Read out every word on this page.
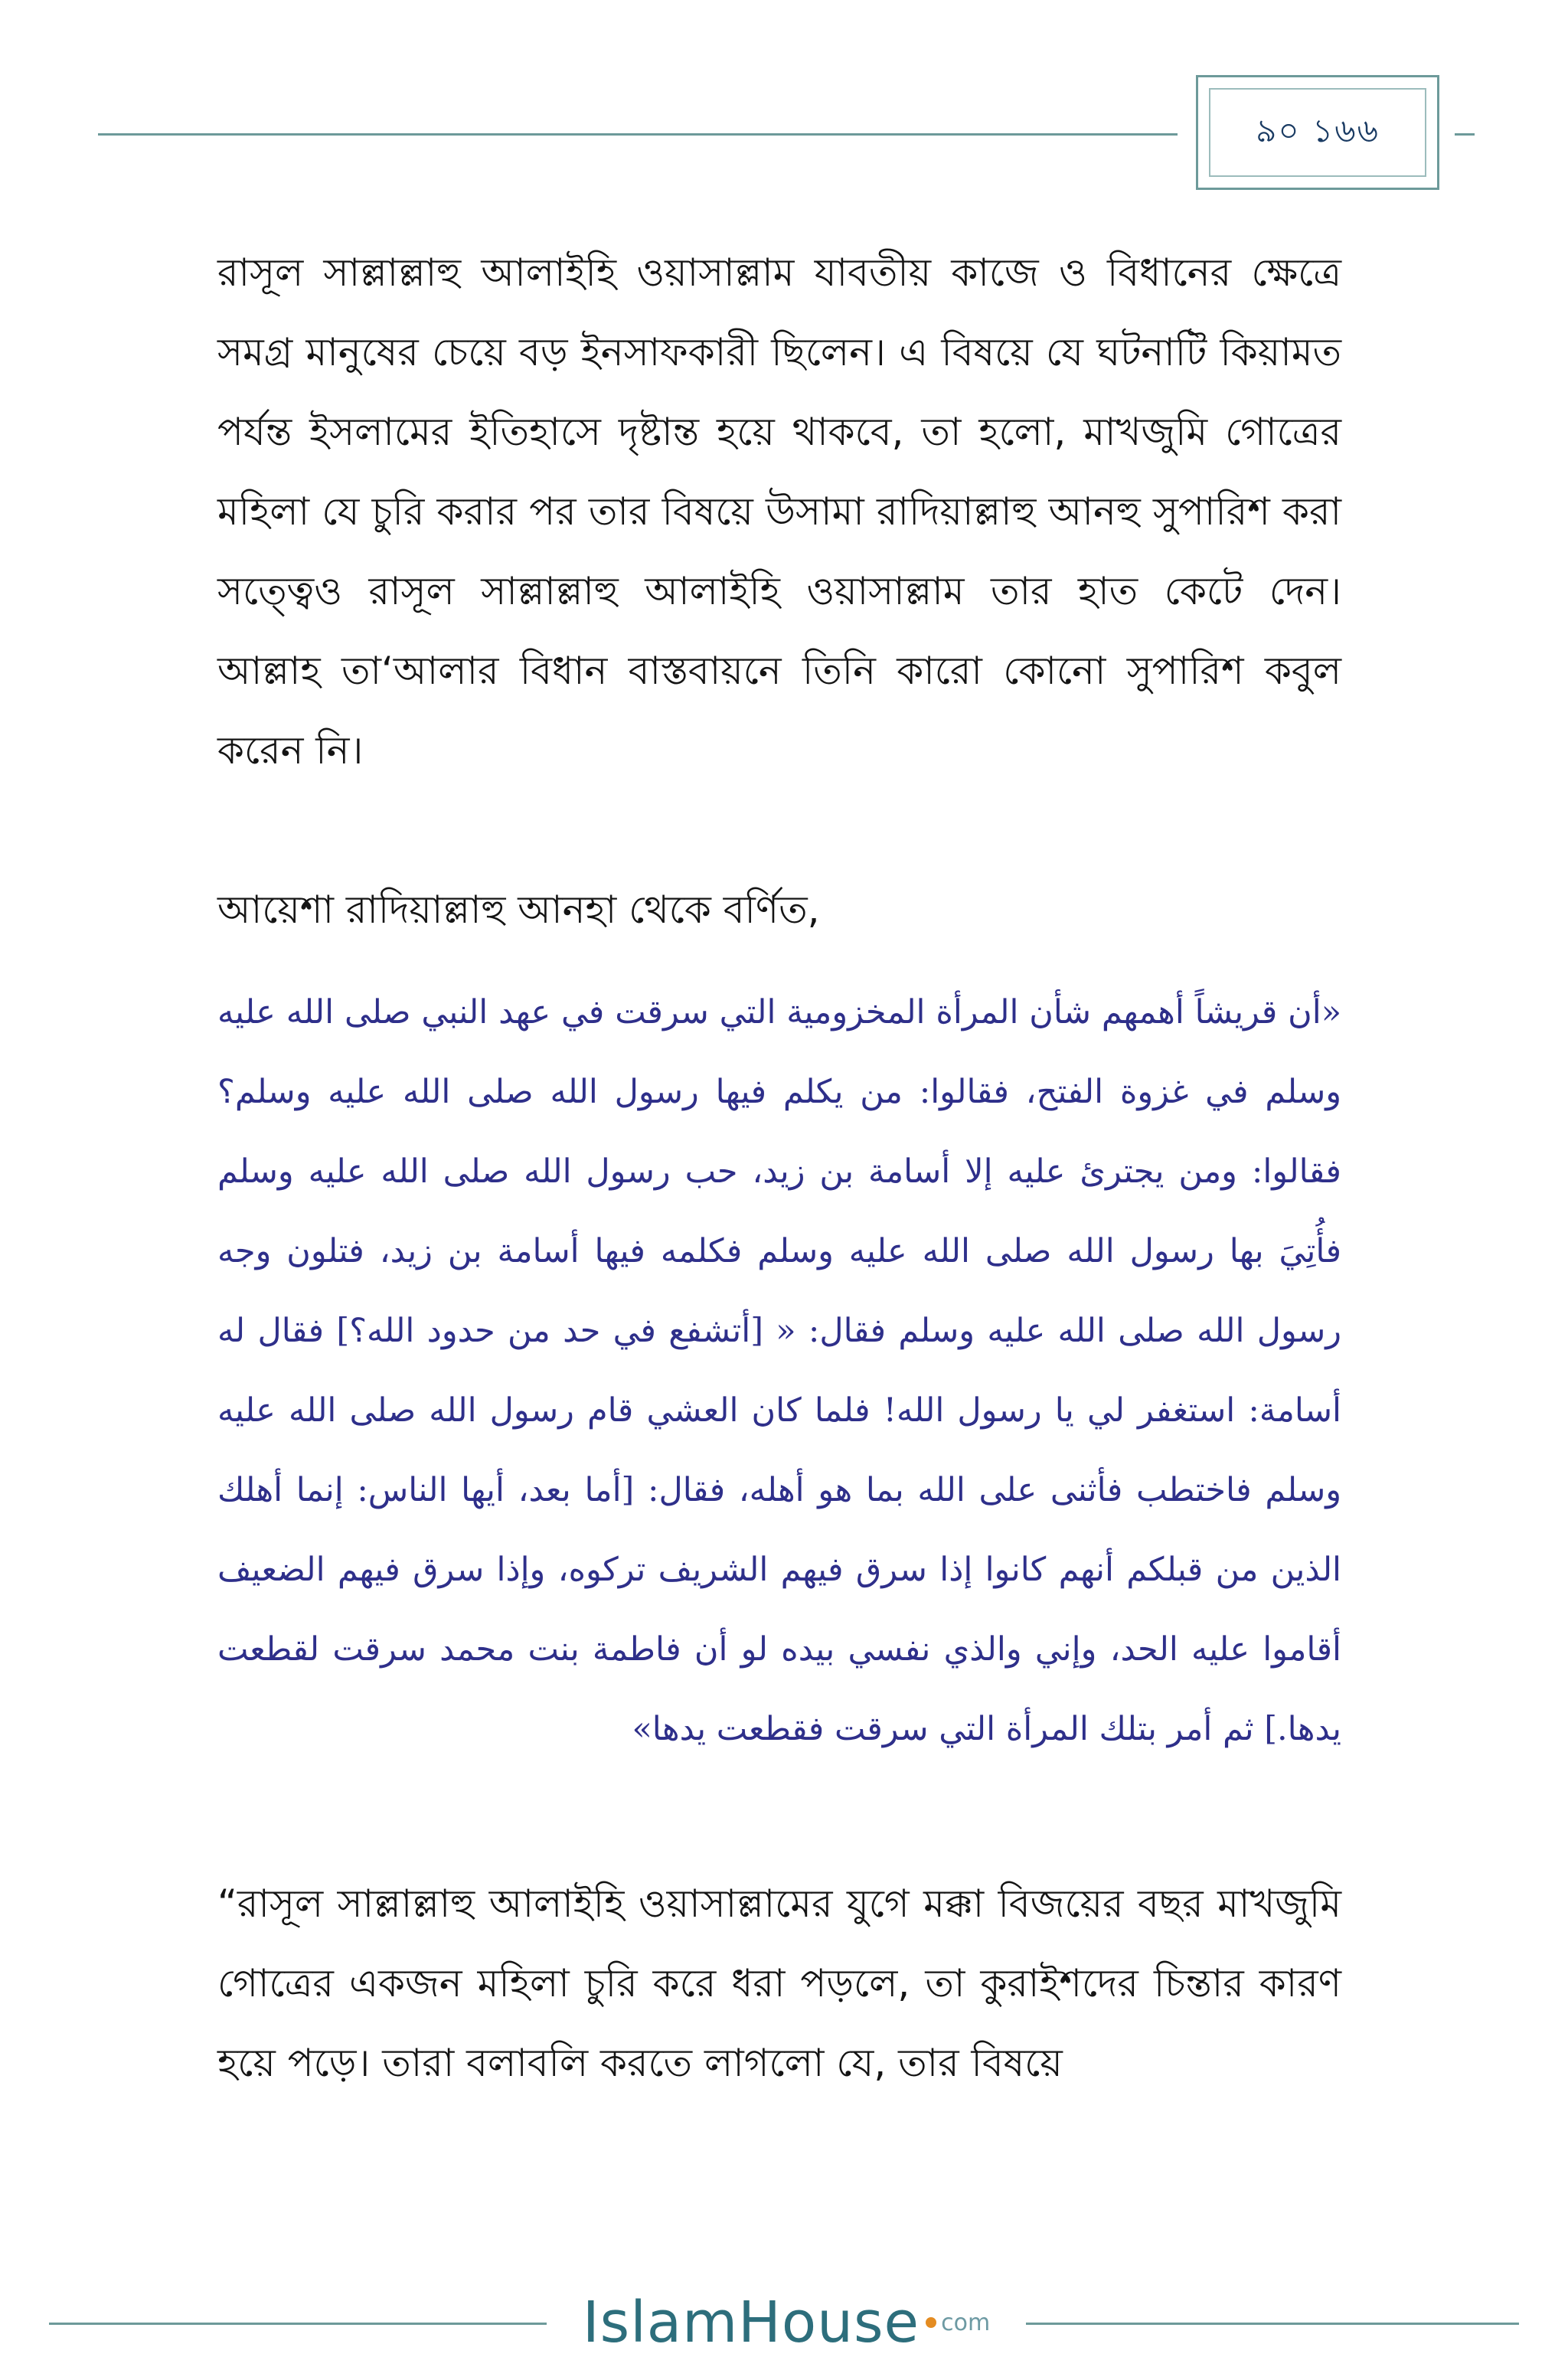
৯০ ১৬৬

রাসূল সাল্লাল্লাহু আলাইহি ওয়াসাল্লাম যাবতীয় কাজে ও বিধানের ক্ষেত্রে সমগ্র মানুষের চেয়ে বড় ইনসাফকারী ছিলেন। এ বিষয়ে যে ঘটনাটি কিয়ামত পর্যন্ত ইসলামের ইতিহাসে দৃষ্টান্ত হয়ে থাকবে, তা হলো, মাখজুমি গোত্রের মহিলা যে চুরি করার পর তার বিষয়ে উসামা রাদিয়াল্লাহু আনহু সুপারিশ করা সত্ত্বেও রাসূল সাল্লাল্লাহু আলাইহি ওয়াসাল্লাম তার হাত কেটে দেন। আল্লাহ তা‘আলার বিধান বাস্তবায়নে তিনি কারো কোনো সুপারিশ কবুল করেন নি।

আয়েশা রাদিয়াল্লাহু আনহা থেকে বর্ণিত,

«أن قريشاً أهمهم شأن المرأة المخزومية التي سرقت في عهد النبي صلى الله عليه وسلم في غزوة الفتح، فقالوا: من يكلم فيها رسول الله صلى الله عليه وسلم؟ فقالوا: ومن يجترئ عليه إلا أسامة بن زيد، حب رسول الله صلى الله عليه وسلم فأُتِيَ بها رسول الله صلى الله عليه وسلم فكلمه فيها أسامة بن زيد، فتلون وجه رسول الله صلى الله عليه وسلم فقال: « [أتشفع في حد من حدود الله؟] فقال له أسامة: استغفر لي يا رسول الله! فلما كان العشي قام رسول الله صلى الله عليه وسلم فاختطب فأثنى على الله بما هو أهله، فقال: [أما بعد، أيها الناس: إنما أهلك الذين من قبلكم أنهم كانوا إذا سرق فيهم الشريف تركوه، وإذا سرق فيهم الضعيف أقاموا عليه الحد، وإني والذي نفسي بيده لو أن فاطمة بنت محمد سرقت لقطعت يدها.] ثم أمر بتلك المرأة التي سرقت فقطعت يدها»

“রাসূল সাল্লাল্লাহু আলাইহি ওয়াসাল্লামের যুগে মক্কা বিজয়ের বছর মাখজুমি গোত্রের একজন মহিলা চুরি করে ধরা পড়লে, তা কুরাইশদের চিন্তার কারণ হয়ে পড়ে। তারা বলাবলি করতে লাগলো যে, তার বিষয়ে

IslamHouse com
